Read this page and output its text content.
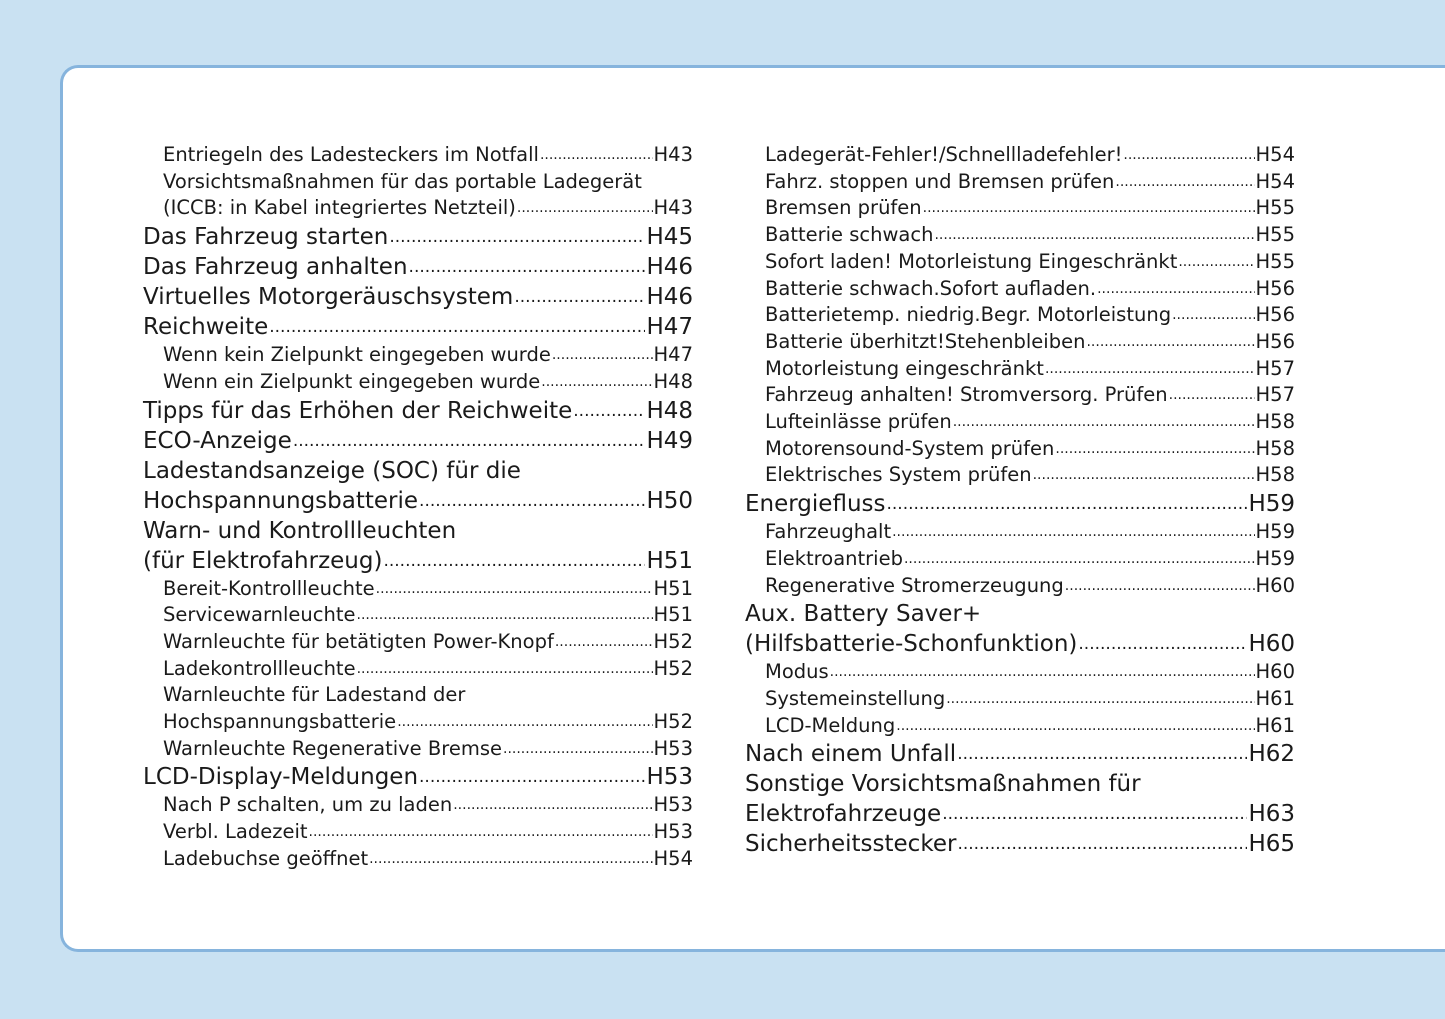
Entriegeln des Ladesteckers im Notfall .....	H43
Vorsichtsmaßnahmen für das portable Ladegerät
(ICCB: in Kabel integriertes Netzteil) .....	H43
Das Fahrzeug starten .....	H45
Das Fahrzeug anhalten .....	H46
Virtuelles Motorgeräuschsystem .....	H46
Reichweite .....	H47
Wenn kein Zielpunkt eingegeben wurde .....	H47
Wenn ein Zielpunkt eingegeben wurde .....	H48
Tipps für das Erhöhen der Reichweite .....	H48
ECO-Anzeige .....	H49
Ladestandsanzeige (SOC) für die
Hochspannungsbatterie .....	H50
Warn- und Kontrollleuchten
(für Elektrofahrzeug) .....	H51
Bereit-Kontrollleuchte .....	H51
Servicewarnleuchte .....	H51
Warnleuchte für betätigten Power-Knopf .....	H52
Ladekontrollleuchte .....	H52
Warnleuchte für Ladestand der
Hochspannungsbatterie .....	H52
Warnleuchte Regenerative Bremse .....	H53
LCD-Display-Meldungen .....	H53
Nach P schalten, um zu laden .....	H53
Verbl. Ladezeit .....	H53
Ladebuchse geöffnet .....	H54
Ladegerät-Fehler!/Schnellladefehler! .....	H54
Fahrz. stoppen und Bremsen prüfen .....	H54
Bremsen prüfen .....	H55
Batterie schwach .....	H55
Sofort laden! Motorleistung Eingeschränkt .....	H55
Batterie schwach.Sofort aufladen. .....	H56
Batterietemp. niedrig.Begr. Motorleistung .....	H56
Batterie überhitzt!Stehenbleiben .....	H56
Motorleistung eingeschränkt .....	H57
Fahrzeug anhalten! Stromversorg. Prüfen .....	H57
Lufteinlässe prüfen .....	H58
Motorensound-System prüfen .....	H58
Elektrisches System prüfen .....	H58
Energiefluss .....	H59
Fahrzeughalt .....	H59
Elektroantrieb .....	H59
Regenerative Stromerzeugung .....	H60
Aux. Battery Saver+
(Hilfsbatterie-Schonfunktion) .....	H60
Modus .....	H60
Systemeinstellung .....	H61
LCD-Meldung .....	H61
Nach einem Unfall .....	H62
Sonstige Vorsichtsmaßnahmen für
Elektrofahrzeuge .....	H63
Sicherheitsstecker .....	H65
